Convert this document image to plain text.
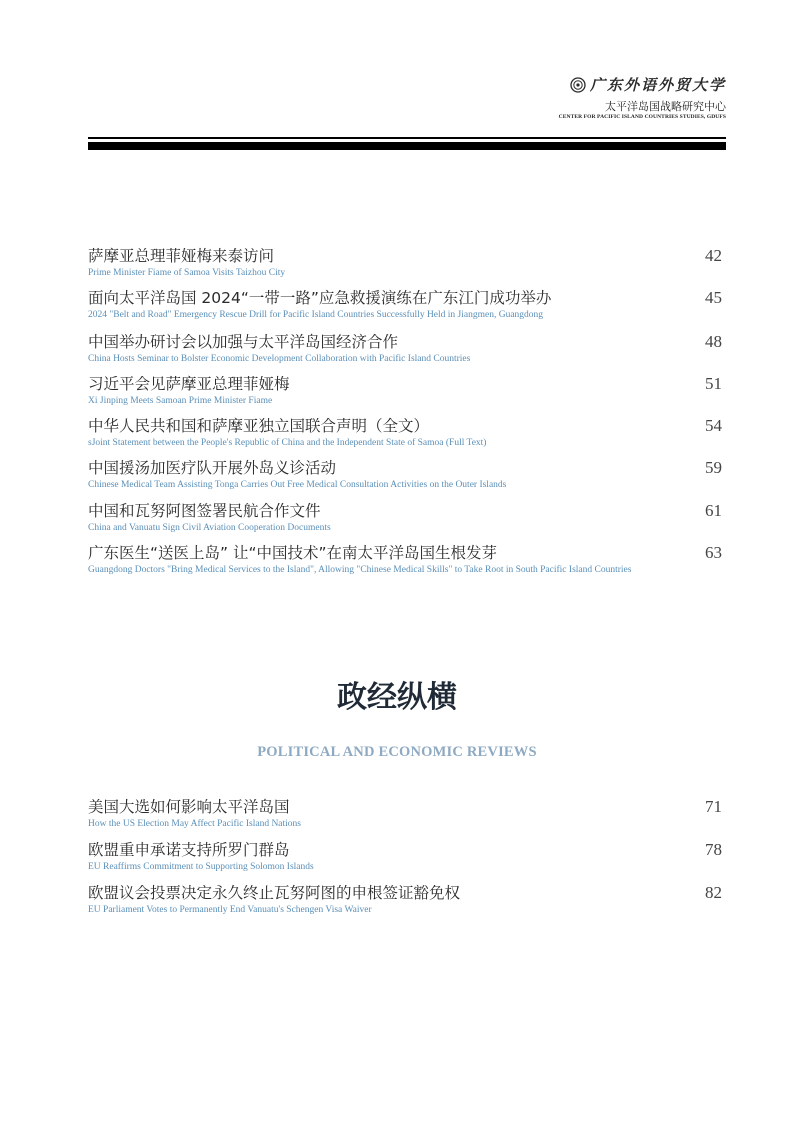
广东外语外贸大学
太平洋岛国战略研究中心
CENTER FOR PACIFIC ISLAND COUNTRIES STUDIES, GDUFS
萨摩亚总理菲娅梅来泰访问
Prime Minister Fiame of Samoa Visits Taizhou City
42
面向太平洋岛国 2024“一带一路”应急救援演练在广东江门成功举办
2024 "Belt and Road" Emergency Rescue Drill for Pacific Island Countries Successfully Held in Jiangmen, Guangdong
45
中国举办研讨会以加强与太平洋岛国经济合作
China Hosts Seminar to Bolster Economic Development Collaboration with Pacific Island Countries
48
习近平会见萨摩亚总理菲娅梅
Xi Jinping Meets Samoan Prime Minister Fiame
51
中华人民共和国和萨摩亚独立国联合声明（全文）
sJoint Statement between the People's Republic of China and the Independent State of Samoa (Full Text)
54
中国援汤加医疗队开展外岛义诊活动
Chinese Medical Team Assisting Tonga Carries Out Free Medical Consultation Activities on the Outer Islands
59
中国和瓦努阿图签署民航合作文件
China and Vanuatu Sign Civil Aviation Cooperation Documents
61
广东医生“送医上岛” 让“中国技术”在南太平洋岛国生根发芽
Guangdong Doctors "Bring Medical Services to the Island", Allowing "Chinese Medical Skills" to Take Root in South Pacific Island Countries
63
政经纵横
POLITICAL AND ECONOMIC REVIEWS
美国大选如何影响太平洋岛国
How the US Election May Affect Pacific Island Nations
71
欧盟重申承诺支持所罗门群岛
EU Reaffirms Commitment to Supporting Solomon Islands
78
欧盟议会投票决定永久终止瓦努阿图的申根签证豁免权
EU Parliament Votes to Permanently End Vanuatu's Schengen Visa Waiver
82
